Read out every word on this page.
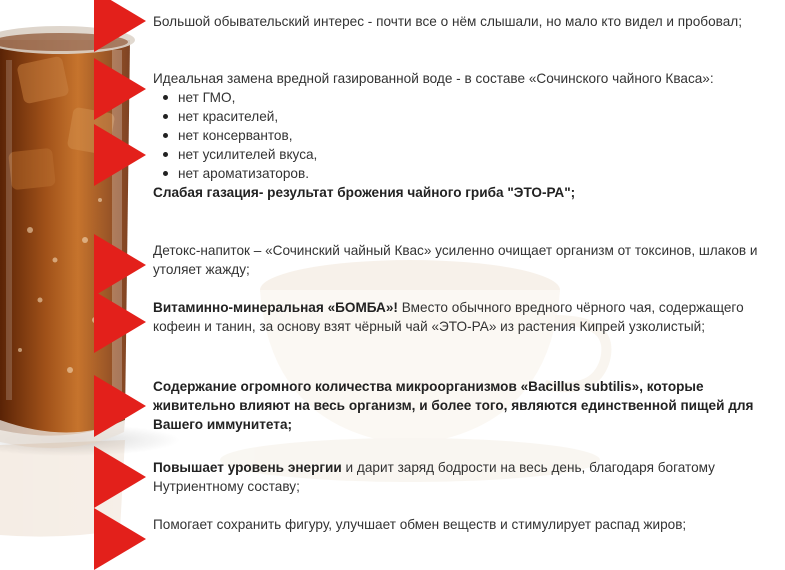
Большой обывательский интерес - почти все о нём слышали, но мало кто видел и пробовал;
Идеальная замена вредной газированной воде - в составе «Сочинского чайного Кваса»:
нет ГМО,
нет красителей,
нет консервантов,
нет усилителей вкуса,
нет ароматизаторов.
Слабая газация- результат брожения чайного гриба "ЭТО-РА";
Детокс-напиток – «Сочинский чайный Квас» усиленно очищает организм от токсинов, шлаков и утоляет жажду;
Витаминно-минеральная «БОМБА»! Вместо обычного вредного чёрного чая, содержащего кофеин и танин, за основу взят чёрный чай «ЭТО-РА» из растения Кипрей узколистый;
Содержание огромного количества микроорганизмов «Bacillus subtilis», которые живительно влияют на весь организм, и более того, являются единственной пищей для Вашего иммунитета;
Повышает уровень энергии и дарит заряд бодрости на весь день, благодаря богатому Нутриентному составу;
Помогает сохранить фигуру, улучшает обмен веществ и стимулирует распад жиров;
